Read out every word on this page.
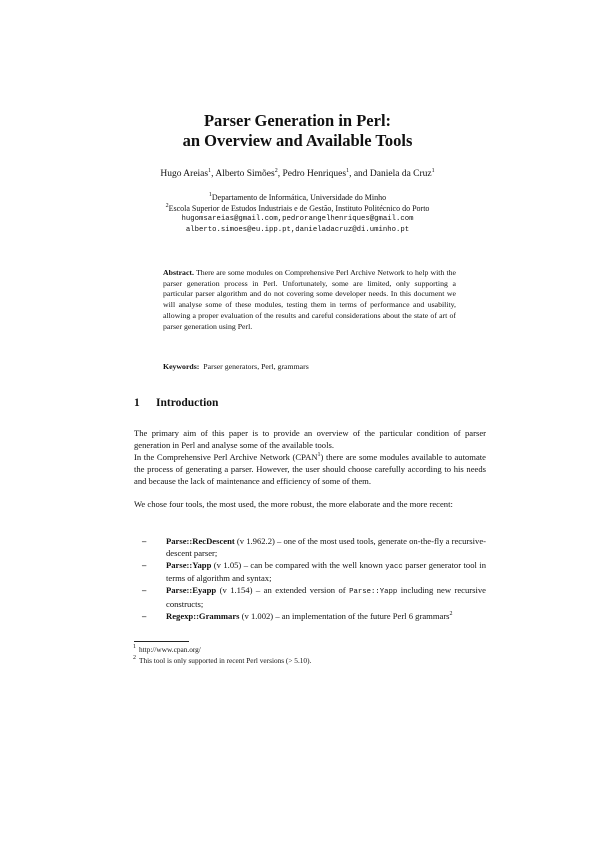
Parser Generation in Perl:
an Overview and Available Tools
Hugo Areias$^1$, Alberto Simões$^2$, Pedro Henriques$^1$, and Daniela da Cruz$^1$
$^1$Departamento de Informática, Universidade do Minho
$^2$Escola Superior de Estudos Industriais e de Gestão, Instituto Politécnico do Porto
hugomsareias@gmail.com,pedrorangelhenriques@gmail.com
alberto.simoes@eu.ipp.pt,danieladacruz@di.uminho.pt
Abstract. There are some modules on Comprehensive Perl Archive Network to help with the parser generation process in Perl. Unfortunately, some are limited, only supporting a particular parser algorithm and do not covering some developer needs. In this document we will analyse some of these modules, testing them in terms of performance and usability, allowing a proper evaluation of the results and careful considerations about the state of art of parser generation using Perl.
Keywords: Parser generators, Perl, grammars
1 Introduction
The primary aim of this paper is to provide an overview of the particular condition of parser generation in Perl and analyse some of the available tools.
In the Comprehensive Perl Archive Network (CPAN$^1$) there are some modules available to automate the process of generating a parser. However, the user should choose carefully according to his needs and because the lack of maintenance and efficiency of some of them.
We chose four tools, the most used, the more robust, the more elaborate and the more recent:
– Parse::RecDescent (v 1.962.2) – one of the most used tools, generate on-the-fly a recursive-descent parser;
– Parse::Yapp (v 1.05) – can be compared with the well known yacc parser generator tool in terms of algorithm and syntax;
– Parse::Eyapp (v 1.154) – an extended version of Parse::Yapp including new recursive constructs;
– Regexp::Grammars (v 1.002) – an implementation of the future Perl 6 grammars$^2$
$^1$ http://www.cpan.org/
$^2$ This tool is only supported in recent Perl versions (> 5.10).
